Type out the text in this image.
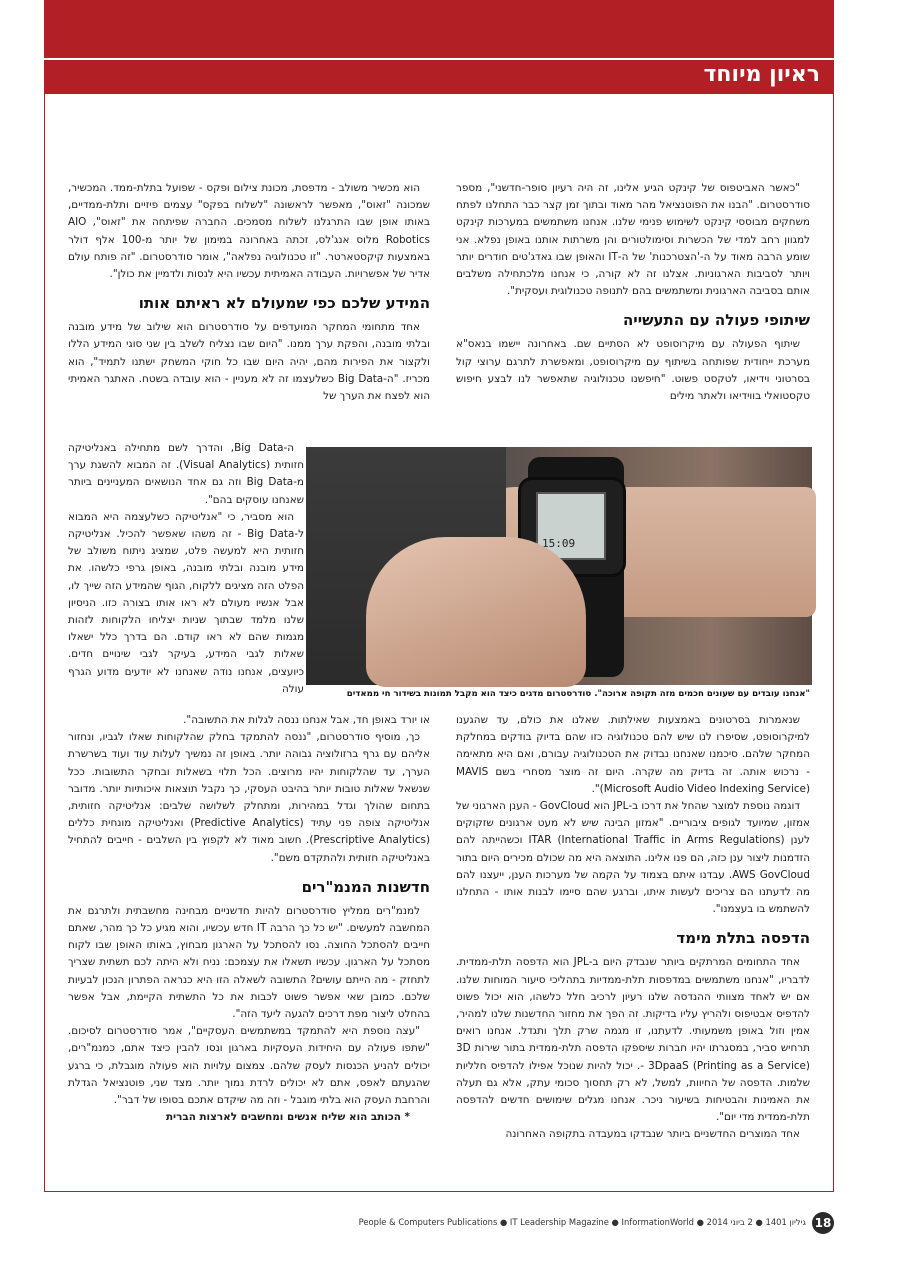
ראיון מיוחד

"כאשר האביטפוס של קינקט הגיע אלינו, זה היה רעיון סופר-חדשני", מספר סודרסטרום. "הבנו את הפוטנציאל מהר מאוד ובתוך זמן קצר כבר התחלנו לפתח משחקים מבוססי קינקט לשימוש פנימי שלנו. אנחנו משתמשים במערכות קינקט למגוון רחב למדי של הכשרות וסימולטורים והן משרתות אותנו באופן נפלא. אני שומע הרבה מאוד על ה-'הצטרכנות' של ה-IT והאופן שבו גאדג'טים חודרים יותר ויותר לסביבות הארגוניות. אצלנו זה לא קורה, כי אנחנו מלכתחילה משלבים אותם בסביבה הארגונית ומשתמשים בהם לתנופה טכנולוגית ועסקית".

שיתופי פעולה עם התעשייה

שיתוף הפעולה עם מיקרוסופט לא הסתיים שם. באחרונה יישמו בנאס"א מערכת ייחודית שפותחה בשיתוף עם מיקרוסופט, ומאפשרת לתרגם ערוצי קול בסרטוני וידיאו, לטקסט פשוט. "חיפשנו טכנולוגיה שתאפשר לנו לבצע חיפוש טקסטואלי בווידיאו ולאתר מילים

הוא מכשיר משולב - מדפסת, מכונת צילום ופקס - שפועל בתלת-ממד. המכשיר, שמכונה "זאוס", מאפשר לראשונה "לשלוח בפקס" עצמים פיזיים ותלת-ממדיים, באותו אופן שבו התרגלנו לשלוח מסמכים. החברה שפיתחה את "זאוס", AIO Robotics מלוס אנג'לס, זכתה באחרונה במימון של יותר מ-100 אלף דולר באמצעות קיקסטארטר. "זו טכנולוגיה נפלאה", אומר סודרסטרום. "זה פותח עולם אדיר של אפשרויות. העבודה האמיתית עכשיו היא לנסות ולדמיין את כולן".

המידע שלכם כפי שמעולם לא ראיתם אותו

אחד מתחומי המחקר המועדפים על סודרסטרום הוא שילוב של מידע מובנה ובלתי מובנה, והפקת ערך ממנו. "היום שבו נצליח לשלב בין שני סוגי המידע הללו ולקצור את הפירות מהם, יהיה היום שבו כל חוקי המשחק ישתנו לתמיד", הוא מכריז. "ה-Big Data כשלעצמו זה לא מעניין - הוא עובדה בשטח. האתגר האמיתי הוא לפצח את הערך של

15:09

ה-Big Data, והדרך לשם מתחילה באנליטיקה חזותית (Visual Analytics). זה המבוא להשגת ערך מ-Big Data וזה גם אחד הנושאים המעניינים ביותר שאנחנו עוסקים בהם".

הוא מסביר, כי "אנליטיקה כשלעצמה היא המבוא ל-Big Data - זה משהו שאפשר להכיל. אנליטיקה חזותית היא למעשה פלט, שמציג ניתוח משולב של מידע מובנה ובלתי מובנה, באופן גרפי כלשהו. את הפלט הזה מציגים ללקוח, הגוף שהמידע הזה שייך לו, אבל אנשיו מעולם לא ראו אותו בצורה כזו. הניסיון שלנו מלמד שבתוך שניות יצליחו הלקוחות לזהות מגמות שהם לא ראו קודם. הם בדרך כלל ישאלו שאלות לגבי המידע, בעיקר לגבי שינויים חדים. כיועצים, אנחנו נודה שאנחנו לא יודעים מדוע הגרף עולה	"אנחנו עובדים עם שעונים חכמים מזה תקופה ארוכה". סודרסטרום מדגים כיצד הוא מקבל תמונות בשידור חי ממאדים

שנאמרות בסרטונים באמצעות שאילתות. שאלנו את כולם, עד שהגענו למיקרוסופט, שסיפרו לנו שיש להם טכנולוגיה כזו שהם בדיוק בודקים במחלקת המחקר שלהם. סיכמנו שאנחנו נבדוק את הטכנולוגיה עבורם, ואם היא מתאימה - נרכוש אותה. זה בדיוק מה שקרה. היום זה מוצר מסחרי בשם MAVIS (Microsoft Audio Video Indexing Service)".

דוגמה נוספת למוצר שהחל את דרכו ב-JPL הוא GovCloud - הענן הארגוני של אמזון, שמיועד לגופים ציבוריים. "אמזון הבינה שיש לא מעט ארגונים שזקוקים לענן ITAR (International Traffic in Arms Regulations) וכשהייתה להם הזדמנות ליצור ענן כזה, הם פנו אלינו. התוצאה היא מה שכולם מכירים היום בתור AWS GovCloud. עבדנו איתם בצמוד על הקמה של מערכות הענן, ייעצנו להם מה לדעתנו הם צריכים לעשות איתו, וברגע שהם סיימו לבנות אותו - התחלנו להשתמש בו בעצמנו".

הדפסה בתלת מימד

אחד התחומים המרתקים ביותר שנבדק היום ב-JPL הוא הדפסה תלת-ממדית. לדבריו, "אנחנו משתמשים במדפסות תלת-ממדיות בתהליכי סיעור המוחות שלנו. אם יש לאחד מצוותי ההנדסה שלנו רעיון לרכיב חלל כלשהו, הוא יכול פשוט להדפיס אבטיפוס ולהריץ עליו בדיקות. זה הפך את מחזור החדשנות שלנו למהיר, אמין וזול באופן משמעותי. לדעתנו, זו מגמה שרק תלך ותגדל. אנחנו רואים תרחיש סביר, במסגרתו יהיו חברות שיספקו הדפסה תלת-ממדית בתור שירות 3D - 3DpaaS (Printing as a Service). יכול להיות שנוכל אפילו להדפיס חלליות שלמות. הדפסה של החיוות, למשל, לא רק תחסוך סכומי עתק, אלא גם תעלה את האמינות והבטיחות בשיעור ניכר. אנחנו מגלים שימושים חדשים להדפסה תלת-ממדית מדי יום".

אחד המוצרים החדשניים ביותר שנבדקו במעבדה בתקופה האחרונה

או יורד באופן חד, אבל אנחנו ננסה לגלות את התשובה".

כך, מוסיף סודרסטרום, "ננסה להתמקד בחלק שהלקוחות שאלו לגביו, ונחזור אליהם עם גרף ברזולוציה גבוהה יותר. באופן זה נמשיך לעלות עוד ועוד בשרשרת הערך, עד שהלקוחות יהיו מרוצים. הכל תלוי בשאלות ובחקר התשובות. ככל שנשאל שאלות טובות יותר בהיבט העסקי, כך נקבל תוצאות איכותיות יותר. מדובר בתחום שהולך וגדל במהירות, ומתחלק לשלושה שלבים: אנליטיקה חזותית, אנליטיקה צופה פני עתיד (Predictive Analytics) ואנליטיקה מונחית כללים (Prescriptive Analytics). חשוב מאוד לא לקפוץ בין השלבים - חייבים להתחיל באנליטיקה חזותית ולהתקדם משם".

חדשנות המנמ"רים

למנמ"רים ממליץ סודרסטרום להיות חדשניים מבחינה מחשבתית ולתרגם את המחשבה למעשים. "יש כל כך הרבה IT חדש עכשיו, והוא מגיע כל כך מהר, שאתם חייבים להסתכל החוצה. נסו להסתכל על הארגון מבחוץ, באותו האופן שבו לקוח מסתכל על הארגון. עכשיו תשאלו את עצמכם: נניח ולא היתה לכם תשתית שצריך לתחזק - מה הייתם עושים? התשובה לשאלה הזו היא כנראה הפתרון הנכון לבעיות שלכם. כמובן שאי אפשר פשוט לכבות את כל התשתית הקיימת, אבל אפשר בהחלט ליצור מפת דרכים להגעה ליעד הזה".

"עצה נוספת היא להתמקד במשתמשים העסקיים", אמר סודרסטרום לסיכום. "שתפו פעולה עם היחידות העסקיות בארגון ונסו להבין כיצד אתם, כמנמ"רים, יכולים להניע הכנסות לעסק שלהם. צמצום עלויות הוא פעולה מוגבלת, כי ברגע שהגעתם לאפס, אתם לא יכולים לרדת נמוך יותר. מצד שני, פוטנציאל הגדלת והרחבת העסק הוא בלתי מוגבל - וזה מה שיקדם אתכם בסופו של דבר".

* הכותב הוא שליח אנשים ומחשבים לארצות הברית

18
People & Computers Publications ● IT Leadership Magazine ● InformationWorld ● גיליון 1401 ● 2 ביוני 2014
